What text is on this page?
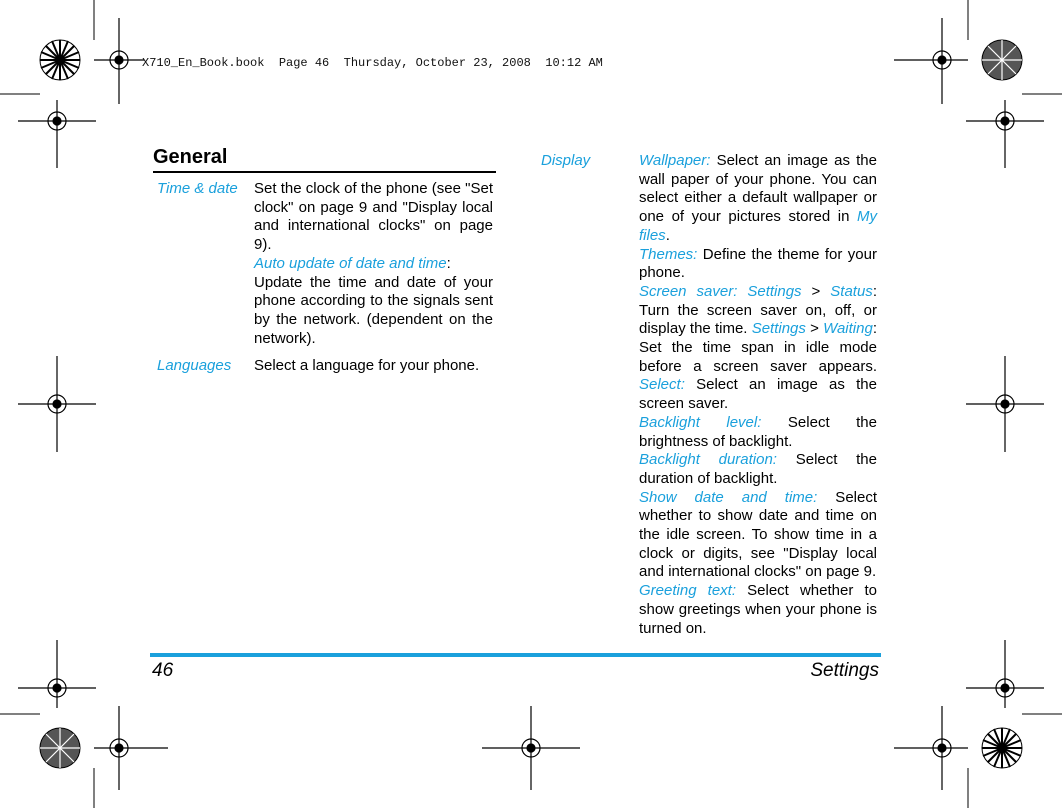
X710_En_Book.book  Page 46  Thursday, October 23, 2008  10:12 AM
General
Time & date Set the clock of the phone (see "Set clock" on page 9 and "Display local and international clocks" on page 9).

Auto update of date and time:

Update the time and date of your phone according to the signals sent by the network. (dependent on the network).

Languages Select a language for your phone.
Display	Wallpaper: Select an image as the wall paper of your phone. You can select either a default wallpaper or one of your pictures stored in My files.

Themes: Define the theme for your phone.

Screen saver: Settings > Status: Turn the screen saver on, off, or display the time. Settings > Waiting: Set the time span in idle mode before a screen saver appears. Select: Select an image as the screen saver.

Backlight level: Select the brightness of backlight.

Backlight duration: Select the duration of backlight.

Show date and time: Select whether to show date and time on the idle screen. To show time in a clock or digits, see "Display local and international clocks" on page 9.

Greeting text: Select whether to show greetings when your phone is turned on.

46	Settings
